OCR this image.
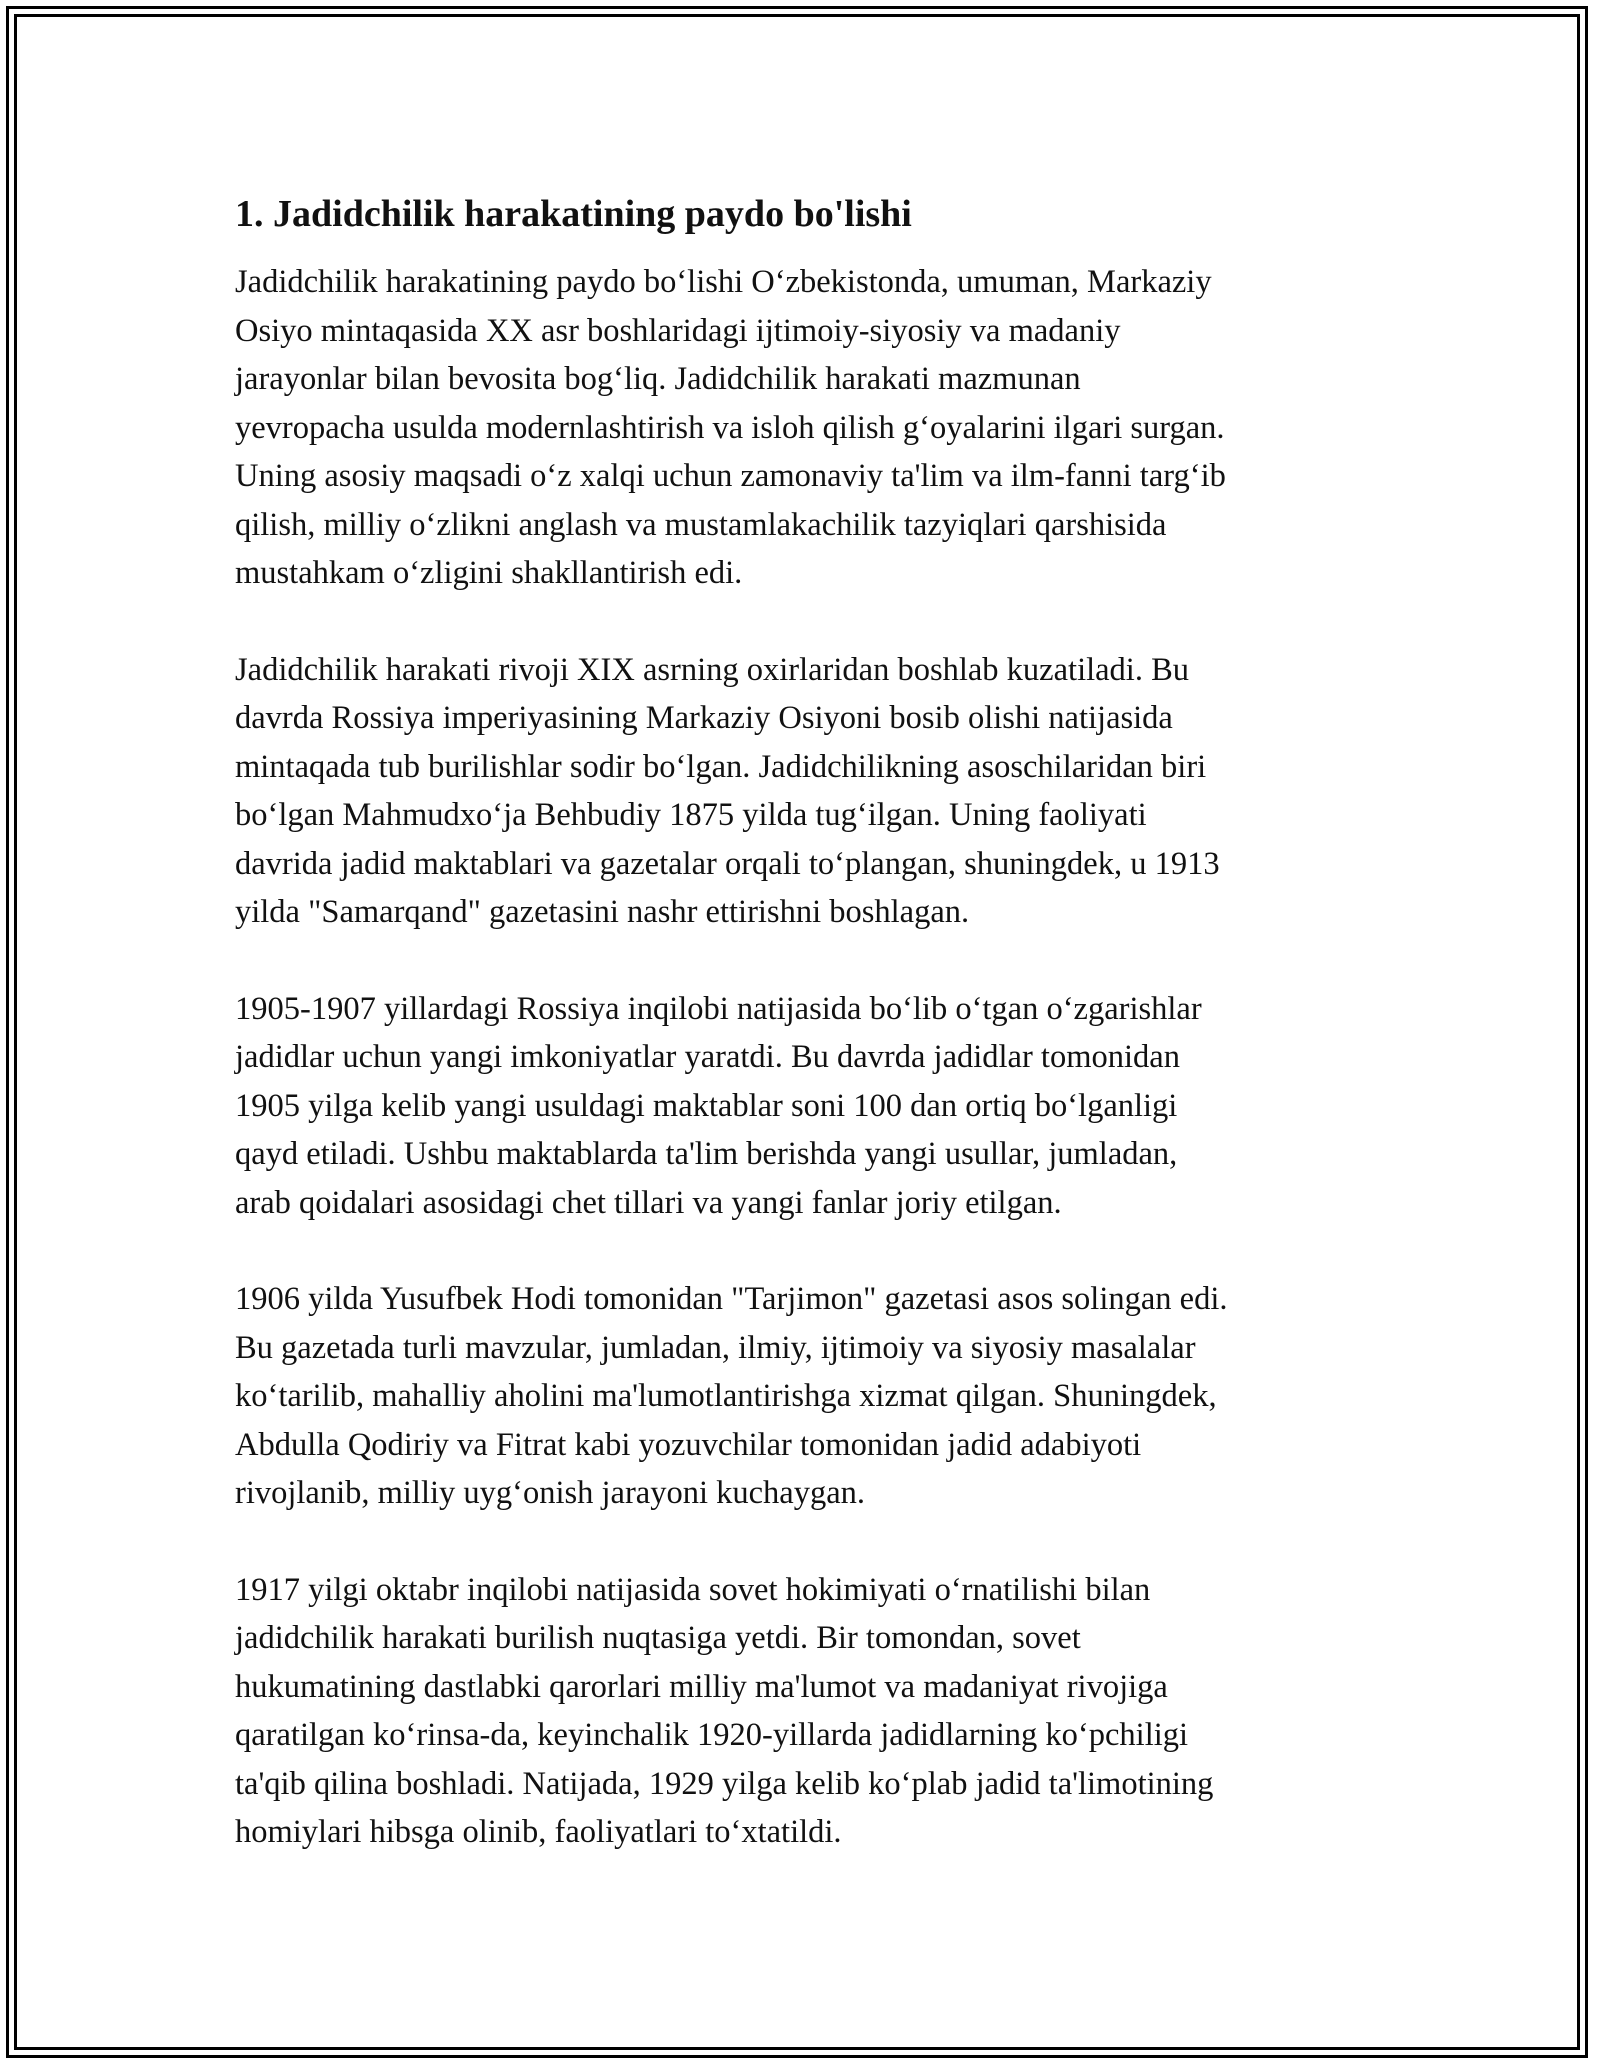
1. Jadidchilik harakatining paydo bo'lishi

Jadidchilik harakatining paydo bo‘lishi O‘zbekistonda, umuman, Markaziy
Osiyo mintaqasida XX asr boshlaridagi ijtimoiy-siyosiy va madaniy
jarayonlar bilan bevosita bog‘liq. Jadidchilik harakati mazmunan
yevropacha usulda modernlashtirish va isloh qilish g‘oyalarini ilgari surgan.
Uning asosiy maqsadi o‘z xalqi uchun zamonaviy ta'lim va ilm-fanni targ‘ib
qilish, milliy o‘zlikni anglash va mustamlakachilik tazyiqlari qarshisida
mustahkam o‘zligini shakllantirish edi.

Jadidchilik harakati rivoji XIX asrning oxirlaridan boshlab kuzatiladi. Bu
davrda Rossiya imperiyasining Markaziy Osiyoni bosib olishi natijasida
mintaqada tub burilishlar sodir bo‘lgan. Jadidchilikning asoschilaridan biri
bo‘lgan Mahmudxo‘ja Behbudiy 1875 yilda tug‘ilgan. Uning faoliyati
davrida jadid maktablari va gazetalar orqali to‘plangan, shuningdek, u 1913
yilda "Samarqand" gazetasini nashr ettirishni boshlagan.

1905-1907 yillardagi Rossiya inqilobi natijasida bo‘lib o‘tgan o‘zgarishlar
jadidlar uchun yangi imkoniyatlar yaratdi. Bu davrda jadidlar tomonidan
1905 yilga kelib yangi usuldagi maktablar soni 100 dan ortiq bo‘lganligi
qayd etiladi. Ushbu maktablarda ta'lim berishda yangi usullar, jumladan,
arab qoidalari asosidagi chet tillari va yangi fanlar joriy etilgan.

1906 yilda Yusufbek Hodi tomonidan "Tarjimon" gazetasi asos solingan edi.
Bu gazetada turli mavzular, jumladan, ilmiy, ijtimoiy va siyosiy masalalar
ko‘tarilib, mahalliy aholini ma'lumotlantirishga xizmat qilgan. Shuningdek,
Abdulla Qodiriy va Fitrat kabi yozuvchilar tomonidan jadid adabiyoti
rivojlanib, milliy uyg‘onish jarayoni kuchaygan.

1917 yilgi oktabr inqilobi natijasida sovet hokimiyati o‘rnatilishi bilan
jadidchilik harakati burilish nuqtasiga yetdi. Bir tomondan, sovet
hukumatining dastlabki qarorlari milliy ma'lumot va madaniyat rivojiga
qaratilgan ko‘rinsa-da, keyinchalik 1920-yillarda jadidlarning ko‘pchiligi
ta'qib qilina boshladi. Natijada, 1929 yilga kelib ko‘plab jadid ta'limotining
homiylari hibsga olinib, faoliyatlari to‘xtatildi.
